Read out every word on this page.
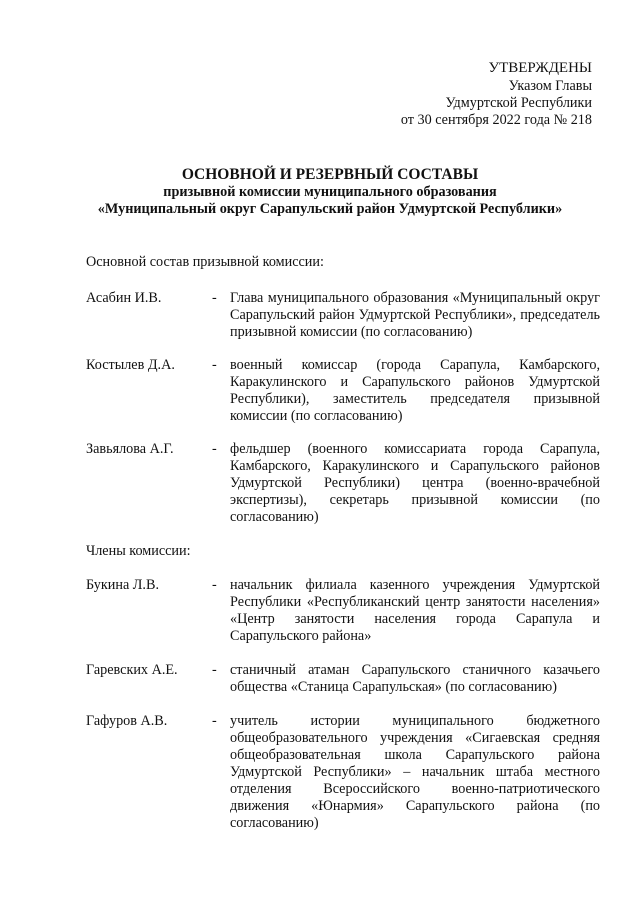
УТВЕРЖДЕНЫ
Указом Главы
Удмуртской Республики
от 30 сентября 2022 года № 218
ОСНОВНОЙ И РЕЗЕРВНЫЙ СОСТАВЫ
призывной комиссии муниципального образования
«Муниципальный округ Сарапульский район Удмуртской Республики»
Основной состав призывной комиссии:
Асабин И.В.	- Глава муниципального образования «Муниципальный округ Сарапульский район Удмуртской Республики», председатель призывной комиссии (по согласованию)
Костылев Д.А.	- военный комиссар (города Сарапула, Камбарского, Каракулинского и Сарапульского районов Удмуртской Республики), заместитель председателя призывной комиссии (по согласованию)
Завьялова А.Г.	- фельдшер (военного комиссариата города Сарапула, Камбарского, Каракулинского и Сарапульского районов Удмуртской Республики) центра (военно-врачебной экспертизы), секретарь призывной комиссии (по согласованию)
Члены комиссии:
Букина Л.В.	- начальник филиала казенного учреждения Удмуртской Республики «Республиканский центр занятости населения» «Центр занятости населения города Сарапула и Сарапульского района»
Гаревских А.Е. - станичный атаман Сарапульского станичного казачьего общества «Станица Сарапульская» (по согласованию)
Гафуров А.В.	- учитель истории муниципального бюджетного общеобразовательного учреждения «Сигаевская средняя общеобразовательная школа Сарапульского района Удмуртской Республики» – начальник штаба местного отделения Всероссийского военно-патриотического движения «Юнармия» Сарапульского района (по согласованию)
